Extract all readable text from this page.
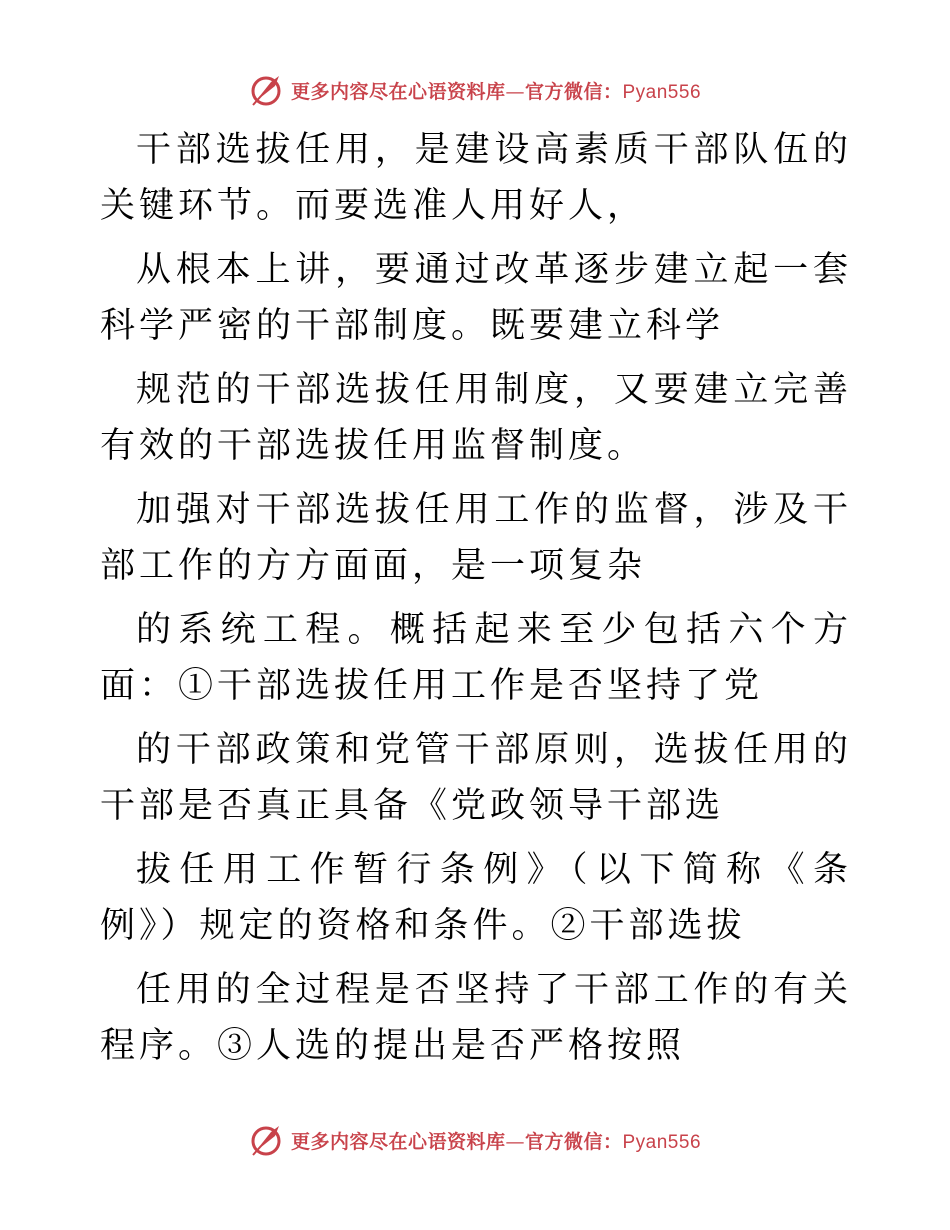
更多内容尽在心语资料库—官方微信：Pyan556

干部选拔任用，是建设高素质干部队伍的关键环节。而要选准人用好人，

从根本上讲，要通过改革逐步建立起一套科学严密的干部制度。既要建立科学

规范的干部选拔任用制度，又要建立完善有效的干部选拔任用监督制度。

加强对干部选拔任用工作的监督，涉及干部工作的方方面面，是一项复杂

的系统工程。概括起来至少包括六个方面：①干部选拔任用工作是否坚持了党

的干部政策和党管干部原则，选拔任用的干部是否真正具备《党政领导干部选

拔任用工作暂行条例》（以下简称《条例》）规定的资格和条件。②干部选拔

任用的全过程是否坚持了干部工作的有关程序。③人选的提出是否严格按照

更多内容尽在心语资料库—官方微信：Pyan556
